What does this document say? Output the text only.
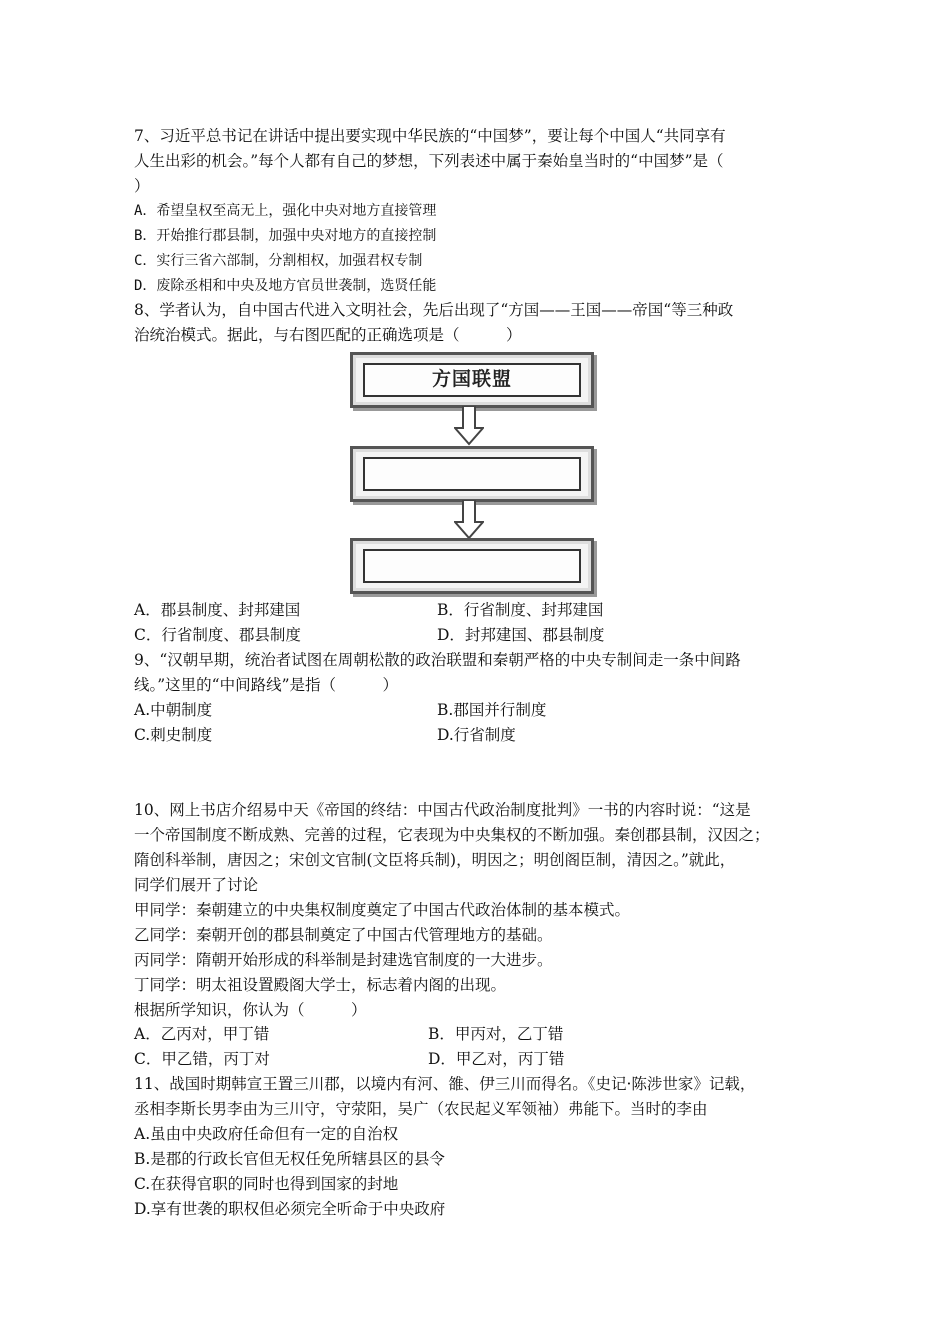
7、习近平总书记在讲话中提出要实现中华民族的“中国梦”，要让每个中国人“共同享有
人生出彩的机会。”每个人都有自己的梦想，下列表述中属于秦始皇当时的“中国梦”是（
）
A．希望皇权至高无上，强化中央对地方直接管理
B．开始推行郡县制，加强中央对地方的直接控制
C．实行三省六部制，分割相权，加强君权专制
D．废除丞相和中央及地方官员世袭制，选贤任能
8、学者认为，自中国古代进入文明社会，先后出现了“方国——王国——帝国“等三种政
治统治模式。据此，与右图匹配的正确选项是（　　　）
方国联盟
A．郡县制度、封邦建国	B．行省制度、封邦建国
C．行省制度、郡县制度	D．封邦建国、郡县制度
9、“汉朝早期，统治者试图在周朝松散的政治联盟和秦朝严格的中央专制间走一条中间路
线。”这里的“中间路线”是指（　　　）
A.中朝制度	B.郡国并行制度
C.刺史制度	D.行省制度
10、网上书店介绍易中天《帝国的终结：中国古代政治制度批判》一书的内容时说：“这是
一个帝国制度不断成熟、完善的过程，它表现为中央集权的不断加强。秦创郡县制，汉因之；
隋创科举制，唐因之；宋创文官制(文臣将兵制)，明因之；明创阁臣制，清因之。”就此，
同学们展开了讨论
甲同学：秦朝建立的中央集权制度奠定了中国古代政治体制的基本模式。
乙同学：秦朝开创的郡县制奠定了中国古代管理地方的基础。
丙同学：隋朝开始形成的科举制是封建选官制度的一大进步。
丁同学：明太祖设置殿阁大学士，标志着内阁的出现。
根据所学知识，你认为（　　　）
A．乙丙对，甲丁错	B．甲丙对，乙丁错
C．甲乙错，丙丁对	D．甲乙对，丙丁错
11、战国时期韩宣王置三川郡，以境内有河、雒、伊三川而得名。《史记·陈涉世家》记载，
丞相李斯长男李由为三川守，守荥阳，吴广（农民起义军领袖）弗能下。当时的李由
A.虽由中央政府任命但有一定的自治权
B.是郡的行政长官但无权任免所辖县区的县令
C.在获得官职的同时也得到国家的封地
D.享有世袭的职权但必须完全听命于中央政府
